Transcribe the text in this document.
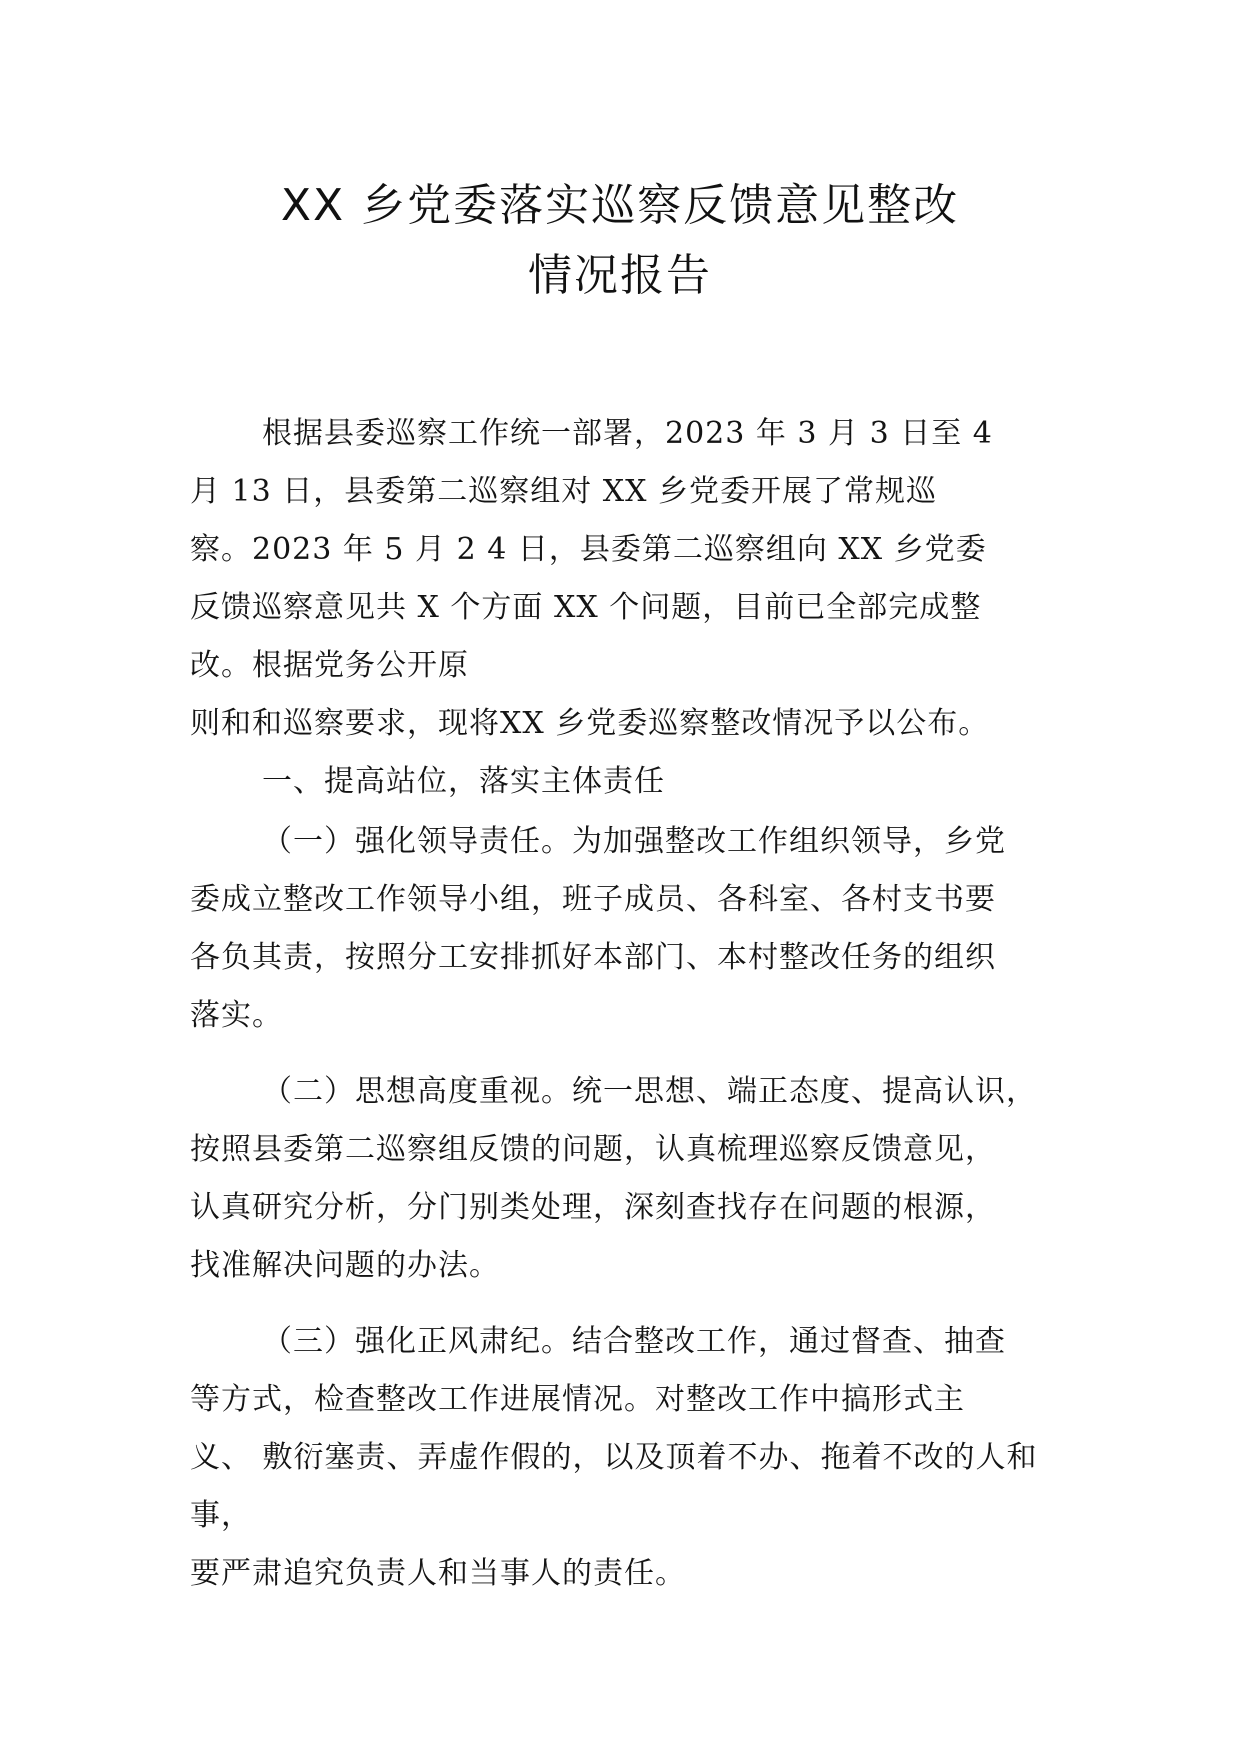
XX 乡党委落实巡察反馈意见整改
情况报告
根据县委巡察工作统一部署，2023 年 3 月 3 日至 4
月 13 日，县委第二巡察组对 XX 乡党委开展了常规巡
察。2023 年 5 月 2 4 日，县委第二巡察组向 XX 乡党委
反馈巡察意见共 X 个方面 XX 个问题，目前已全部完成整
改。根据党务公开原
则和和巡察要求，现将XX 乡党委巡察整改情况予以公布。
一、提高站位，落实主体责任
（一）强化领导责任。为加强整改工作组织领导，乡党
委成立整改工作领导小组，班子成员、各科室、各村支书要
各负其责，按照分工安排抓好本部门、本村整改任务的组织
落实。
（二）思想高度重视。统一思想、端正态度、提高认识，
按照县委第二巡察组反馈的问题，认真梳理巡察反馈意见，
认真研究分析，分门别类处理，深刻查找存在问题的根源，
找准解决问题的办法。
（三）强化正风肃纪。结合整改工作，通过督查、抽查
等方式，检查整改工作进展情况。对整改工作中搞形式主
义、 敷衍塞责、弄虚作假的，以及顶着不办、拖着不改的人和
事，
要严肃追究负责人和当事人的责任。
